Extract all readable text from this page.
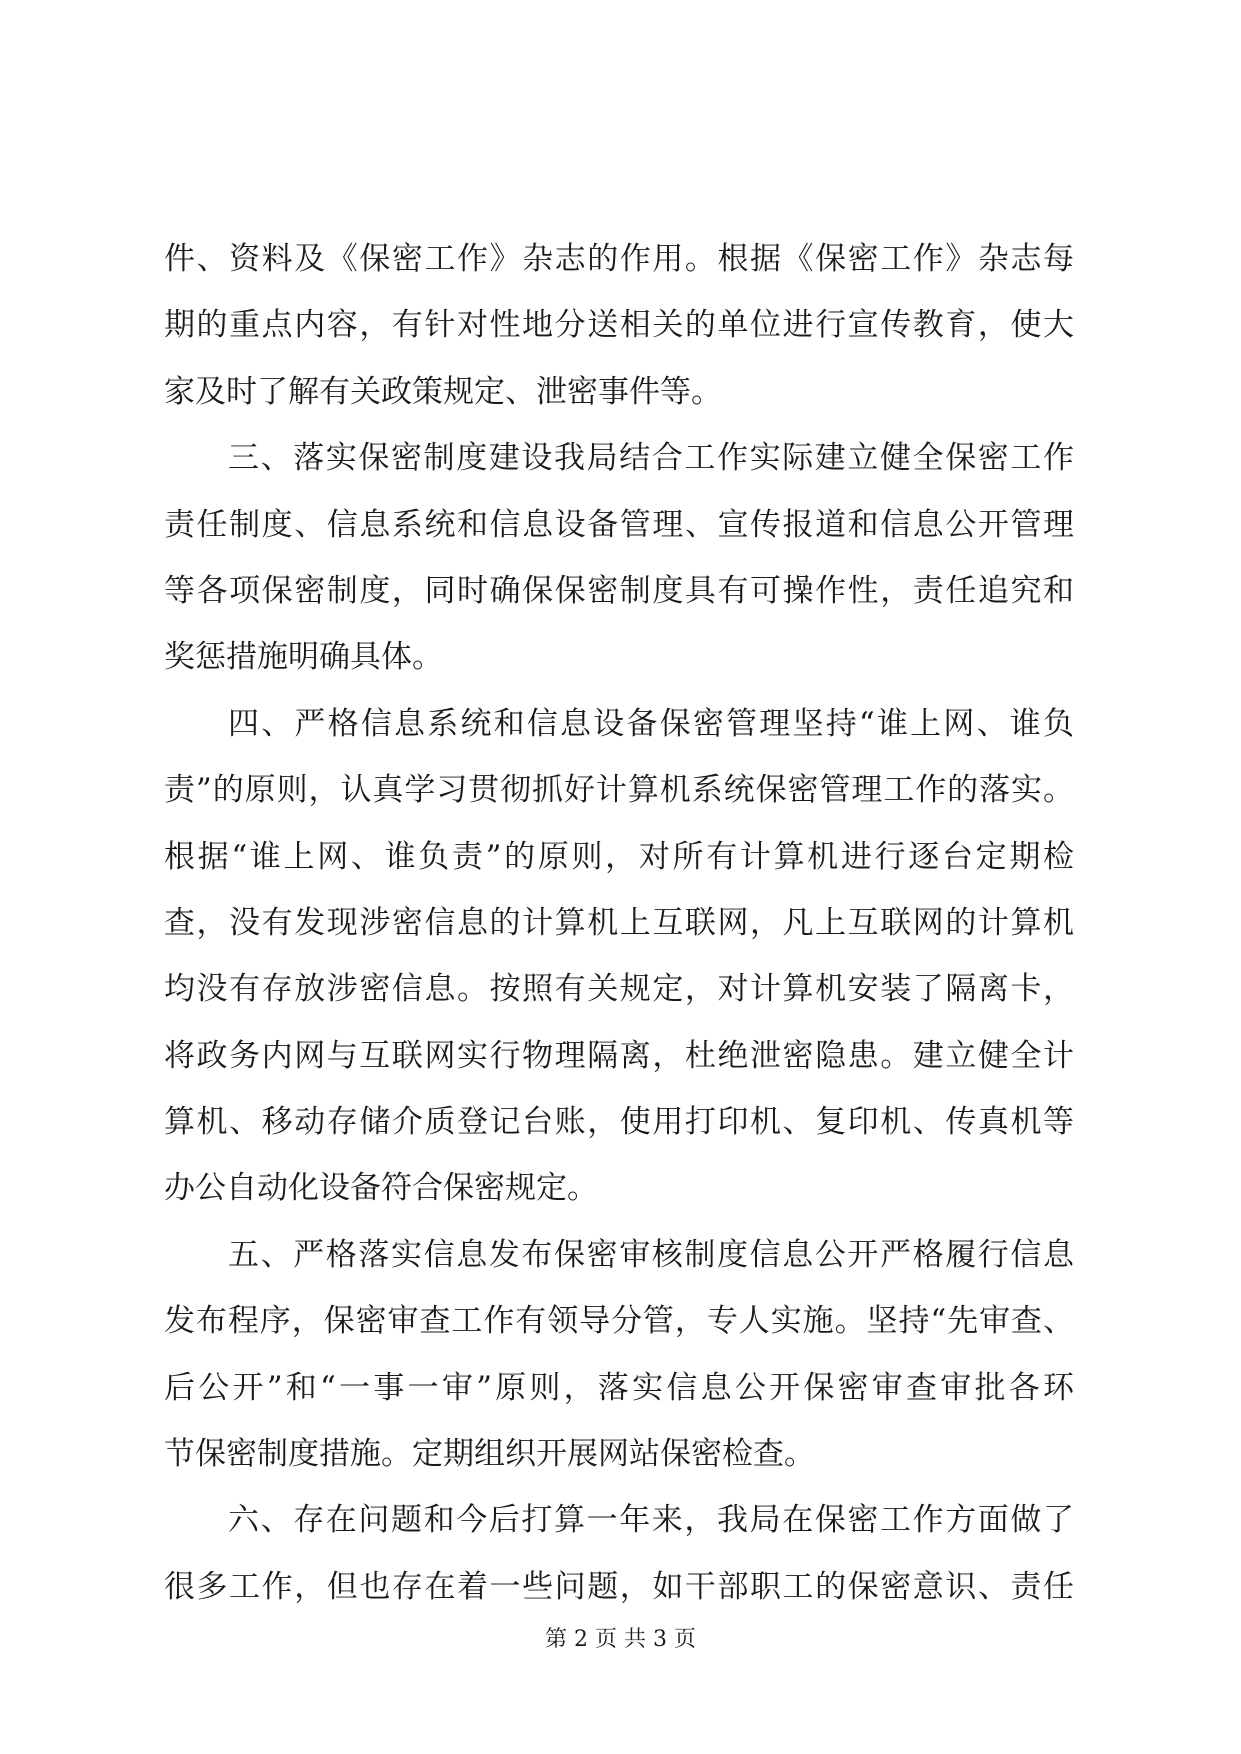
件、资料及《保密工作》杂志的作用。根据《保密工作》杂志每
期的重点内容，有针对性地分送相关的单位进行宣传教育，使大
家及时了解有关政策规定、泄密事件等。
三、落实保密制度建设我局结合工作实际建立健全保密工作
责任制度、信息系统和信息设备管理、宣传报道和信息公开管理
等各项保密制度，同时确保保密制度具有可操作性，责任追究和
奖惩措施明确具体。
四、严格信息系统和信息设备保密管理坚持“谁上网、谁负
责”的原则，认真学习贯彻抓好计算机系统保密管理工作的落实。
根据“谁上网、谁负责”的原则，对所有计算机进行逐台定期检
查，没有发现涉密信息的计算机上互联网，凡上互联网的计算机
均没有存放涉密信息。按照有关规定，对计算机安装了隔离卡，
将政务内网与互联网实行物理隔离，杜绝泄密隐患。建立健全计
算机、移动存储介质登记台账，使用打印机、复印机、传真机等
办公自动化设备符合保密规定。
五、严格落实信息发布保密审核制度信息公开严格履行信息
发布程序，保密审查工作有领导分管，专人实施。坚持“先审查、
后公开”和“一事一审”原则，落实信息公开保密审查审批各环
节保密制度措施。定期组织开展网站保密检查。
六、存在问题和今后打算一年来，我局在保密工作方面做了
很多工作，但也存在着一些问题，如干部职工的保密意识、责任
第 2 页 共 3 页
